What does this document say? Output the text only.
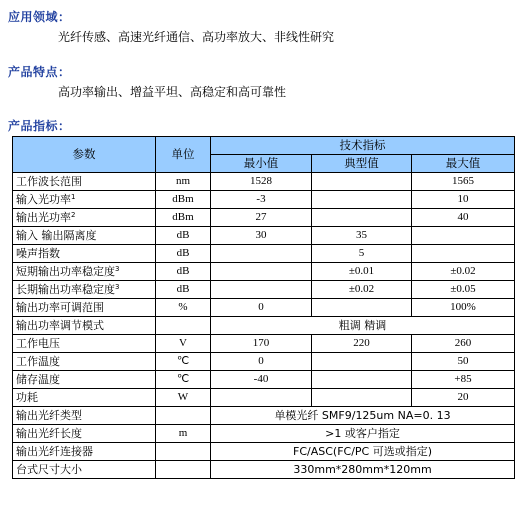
应用领域：
光纤传感、高速光纤通信、高功率放大、非线性研究
产品特点：
高功率输出、增益平坦、高稳定和高可靠性
产品指标：
参数	单位	技术指标		
		最小值	典型值	最大值
工作波长范围	nm	1528		1565
输入光功率$^1$	dBm	-3		10
输出光功率$^2$	dBm	27		40
输入 输出隔离度	dB	30	35	
噪声指数	dB		5	
短期输出功率稳定度$^3$	dB		±0.01	±0.02
长期输出功率稳定度$^3$	dB		±0.02	±0.05
输出功率可调范围	%	0		100%
输出功率调节模式		粗调 精调		
工作电压	V	170	220	260
工作温度	℃	0		50
储存温度	℃	-40		+85
功耗	W			20
输出光纤类型		单模光纤 SMF9/125um NA=0. 13		
输出光纤长度	m	>1 或客户指定		
输出光纤连接器		FC/ASC(FC/PC 可选或指定)		
台式尺寸大小		330mm*280mm*120mm		
